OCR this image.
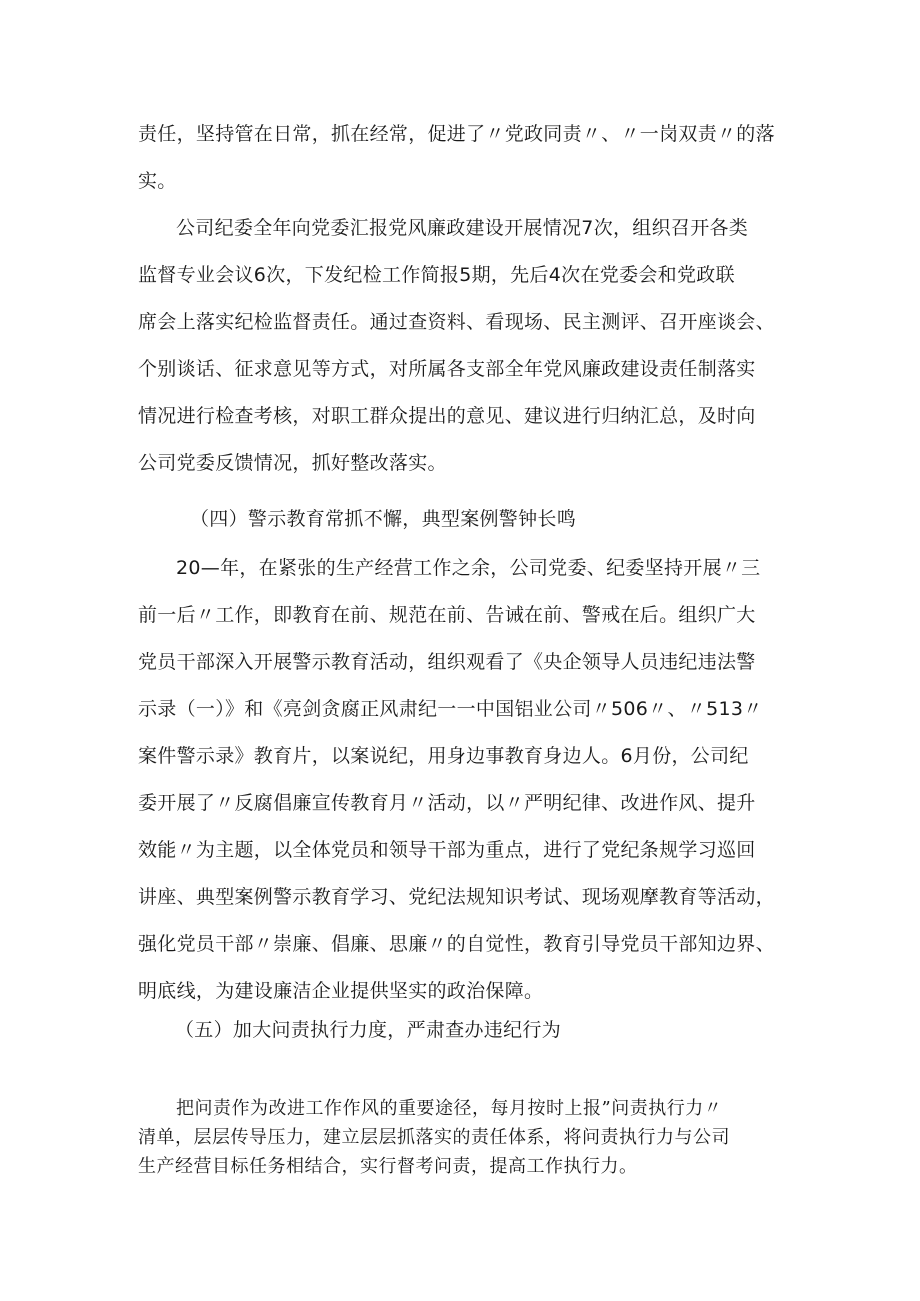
责任，坚持管在日常，抓在经常，促进了〃党政同责〃、〃一岗双责〃的落
实。
公司纪委全年向党委汇报党风廉政建设开展情况7次，组织召开各类
监督专业会议6次，下发纪检工作简报5期，先后4次在党委会和党政联
席会上落实纪检监督责任。通过查资料、看现场、民主测评、召开座谈会、
个别谈话、征求意见等方式，对所属各支部全年党风廉政建设责任制落实
情况进行检查考核，对职工群众提出的意见、建议进行归纳汇总，及时向
公司党委反馈情况，抓好整改落实。
（四）警示教育常抓不懈，典型案例警钟长鸣
20—年，在紧张的生产经营工作之余，公司党委、纪委坚持开展〃三
前一后〃工作，即教育在前、规范在前、告诫在前、警戒在后。组织广大
党员干部深入开展警示教育活动，组织观看了《央企领导人员违纪违法警
示录（一）》和《亮剑贪腐正风肃纪一一中国铝业公司〃506〃、〃513〃
案件警示录》教育片，以案说纪，用身边事教育身边人。6月份，公司纪
委开展了〃反腐倡廉宣传教育月〃活动，以〃严明纪律、改进作风、提升
效能〃为主题，以全体党员和领导干部为重点，进行了党纪条规学习巡回
讲座、典型案例警示教育学习、党纪法规知识考试、现场观摩教育等活动，
强化党员干部〃崇廉、倡廉、思廉〃的自觉性，教育引导党员干部知边界、
明底线，为建设廉洁企业提供坚实的政治保障。
（五）加大问责执行力度，严肃查办违纪行为
把问责作为改进工作作风的重要途径，每月按时上报”问责执行力〃
清单，层层传导压力，建立层层抓落实的责任体系，将问责执行力与公司
生产经营目标任务相结合，实行督考问责，提高工作执行力。
